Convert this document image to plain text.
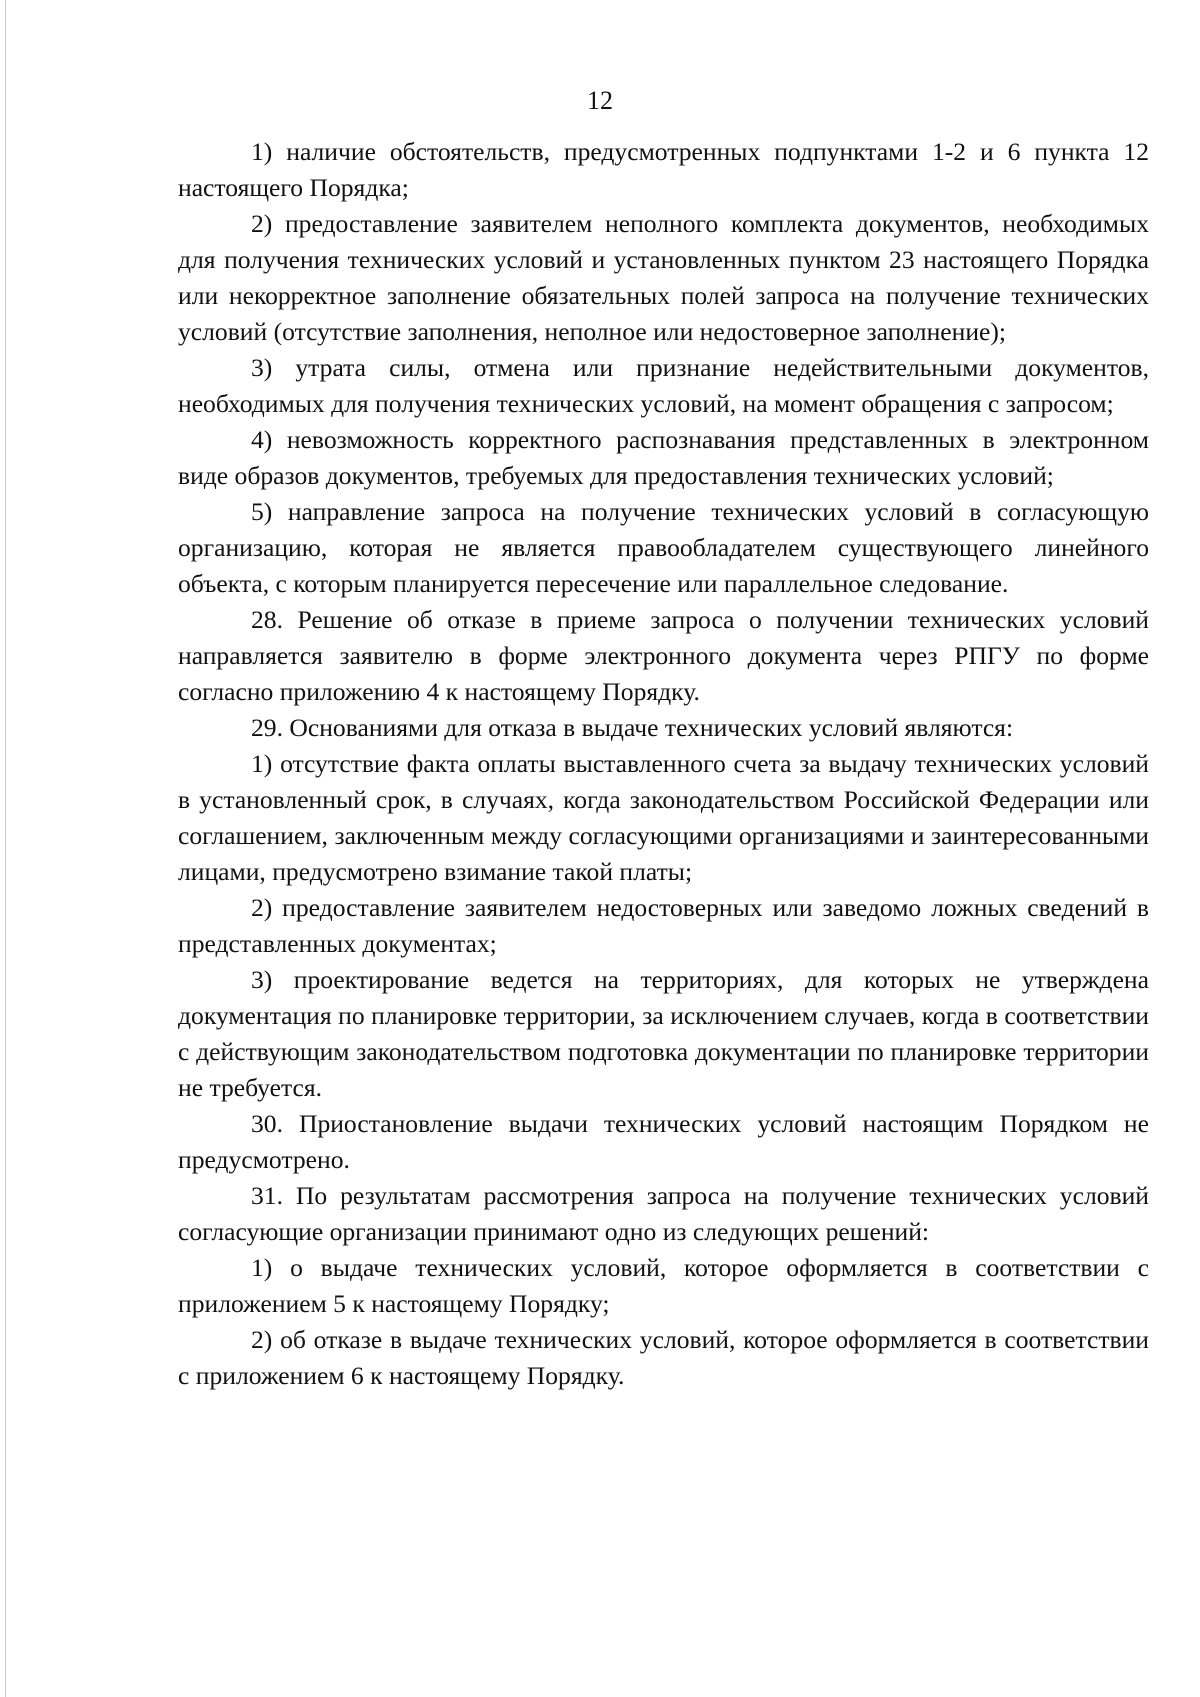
12

1) наличие обстоятельств, предусмотренных подпунктами 1-2 и 6 пункта 12 настоящего Порядка;

2) предоставление заявителем неполного комплекта документов, необходимых для получения технических условий и установленных пунктом 23 настоящего Порядка или некорректное заполнение обязательных полей запроса на получение технических условий (отсутствие заполнения, неполное или недостоверное заполнение);

3) утрата силы, отмена или признание недействительными документов, необходимых для получения технических условий, на момент обращения с запросом;

4) невозможность корректного распознавания представленных в электронном виде образов документов, требуемых для предоставления технических условий;

5) направление запроса на получение технических условий в согласующую организацию, которая не является правообладателем существующего линейного объекта, с которым планируется пересечение или параллельное следование.

28. Решение об отказе в приеме запроса о получении технических условий направляется заявителю в форме электронного документа через РПГУ по форме согласно приложению 4 к настоящему Порядку.

29. Основаниями для отказа в выдаче технических условий являются:

1) отсутствие факта оплаты выставленного счета за выдачу технических условий в установленный срок, в случаях, когда законодательством Российской Федерации или соглашением, заключенным между согласующими организациями и заинтересованными лицами, предусмотрено взимание такой платы;

2) предоставление заявителем недостоверных или заведомо ложных сведений в представленных документах;

3) проектирование ведется на территориях, для которых не утверждена документация по планировке территории, за исключением случаев, когда в соответствии с действующим законодательством подготовка документации по планировке территории не требуется.

30. Приостановление выдачи технических условий настоящим Порядком не предусмотрено.

31. По результатам рассмотрения запроса на получение технических условий согласующие организации принимают одно из следующих решений:

1) о выдаче технических условий, которое оформляется в соответствии с приложением 5 к настоящему Порядку;

2) об отказе в выдаче технических условий, которое оформляется в соответствии с приложением 6 к настоящему Порядку.
